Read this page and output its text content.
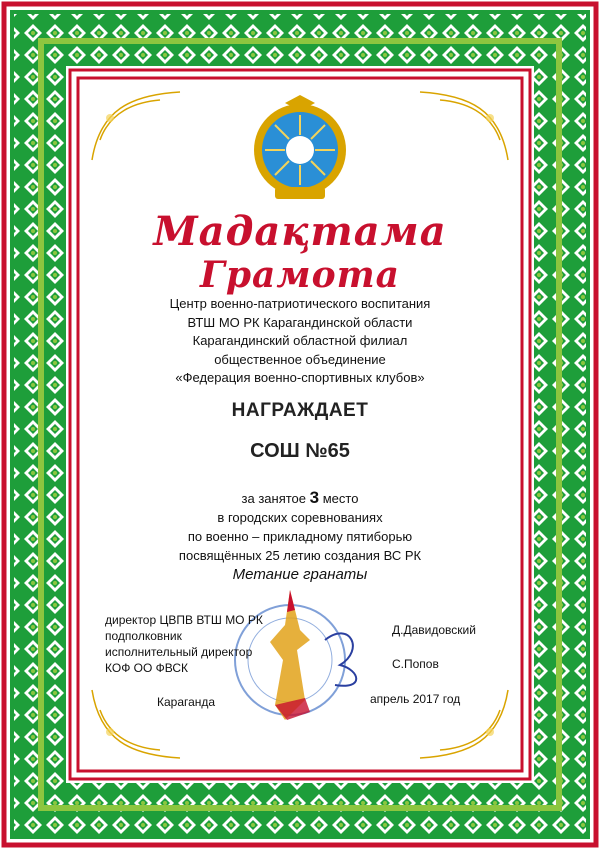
Мадақтама
Грамота
Центр военно-патриотического воспитания
ВТШ МО РК Карагандинской области
Карагандинский областной филиал
общественное объединение
«Федерация военно-спортивных клубов»
НАГРАЖДАЕТ
СОШ №65
за занятое 3 место
в городских соревнованиях
по военно – прикладному пятиборью
посвящённых 25 летию создания ВС РК
Метание гранаты
директор ЦВПВ ВТШ МО РК
подполковник
исполнительный директор
КОФ ОО ФВСК
Д.Давидовский
С.Попов
Караганда	апрель 2017 год
